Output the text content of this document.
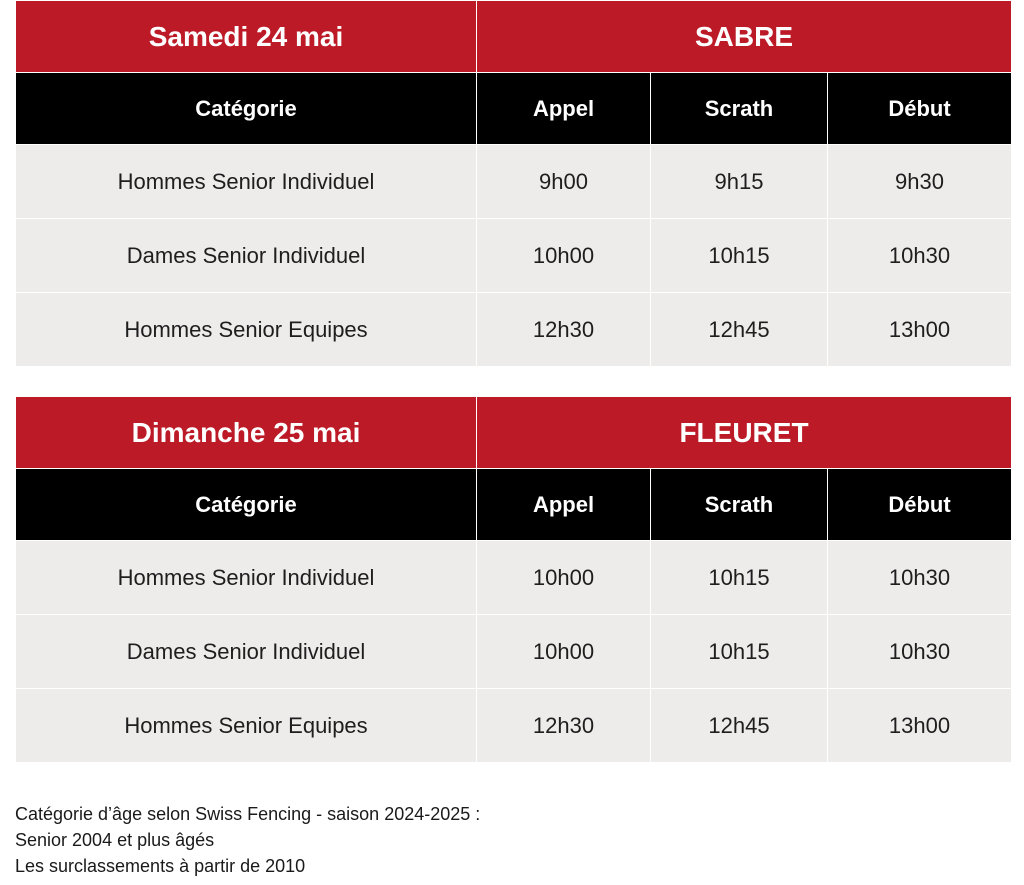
Samedi 24 mai	SABRE		
Catégorie	Appel	Scrath	Début
Hommes Senior Individuel	9h00	9h15	9h30
Dames Senior Individuel	10h00	10h15	10h30
Hommes Senior Equipes	12h30	12h45	13h00
Dimanche 25 mai	FLEURET		
Catégorie	Appel	Scrath	Début
Hommes Senior Individuel	10h00	10h15	10h30
Dames Senior Individuel	10h00	10h15	10h30
Hommes Senior Equipes	12h30	12h45	13h00
Catégorie d’âge selon Swiss Fencing - saison 2024-2025 :
Senior 2004 et plus âgés
Les surclassements à partir de 2010
